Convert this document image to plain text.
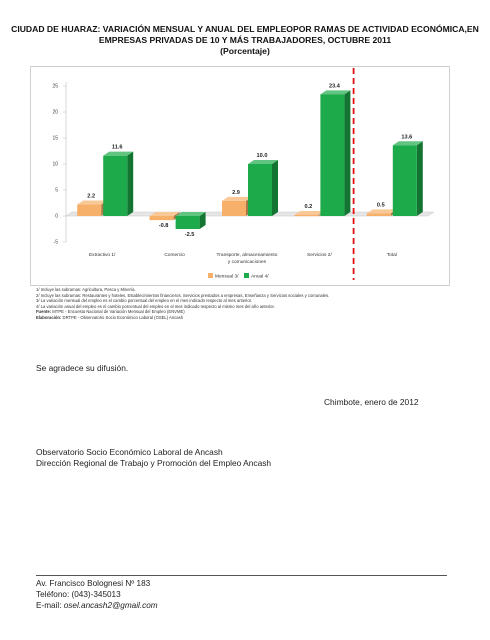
CIUDAD DE HUARAZ: VARIACIÓN MENSUAL Y ANUAL DEL EMPLEOPOR RAMAS DE ACTIVIDAD ECONÓMICA,EN
EMPRESAS PRIVADAS DE 10 Y MÁS TRABAJADORES, OCTUBRE 2011
(Porcentaje)
-5
0
5
10
15
20
25
2.2
11.6
Extractivo 1/
-0.8
-2.5
Comercio
2.9
10.0
Transporte, almacenamiento
y comunicaciones
0.2
23.4
Servicios 2/
0.5
13.6
Total
Mensual 3/	Anual 4/
1/ Incluye las subramas: Agricultura, Pesca y Minería.
2/ Incluye las subramas: Restaurantes y hoteles, Establecimientos financieros, Servicios prestados a empresas, Enseñanza y Servicios sociales y comunales.
3/ La variación mensual del empleo es el cambio porcentual del empleo en el mes indicado respecto al mes anterior.
4/ La variación anual del empleo es el cambio porcentual del empleo en el mes indicado respecto al mismo mes del año anterior.
Fuente: MTPE - Encuesta Nacional de Variación Mensual del Empleo (ENVME)
Elaboración: DRTPE - Observatorio Socio Económico Laboral (OSEL) Ancash
Se agradece su difusión.
Chimbote, enero de 2012
Observatorio Socio Económico Laboral de Ancash
Dirección Regional de Trabajo y Promoción del Empleo Ancash
Av. Francisco Bolognesi Nº 183
Teléfono: (043)-345013
E-mail: osel.ancash2@gmail.com
